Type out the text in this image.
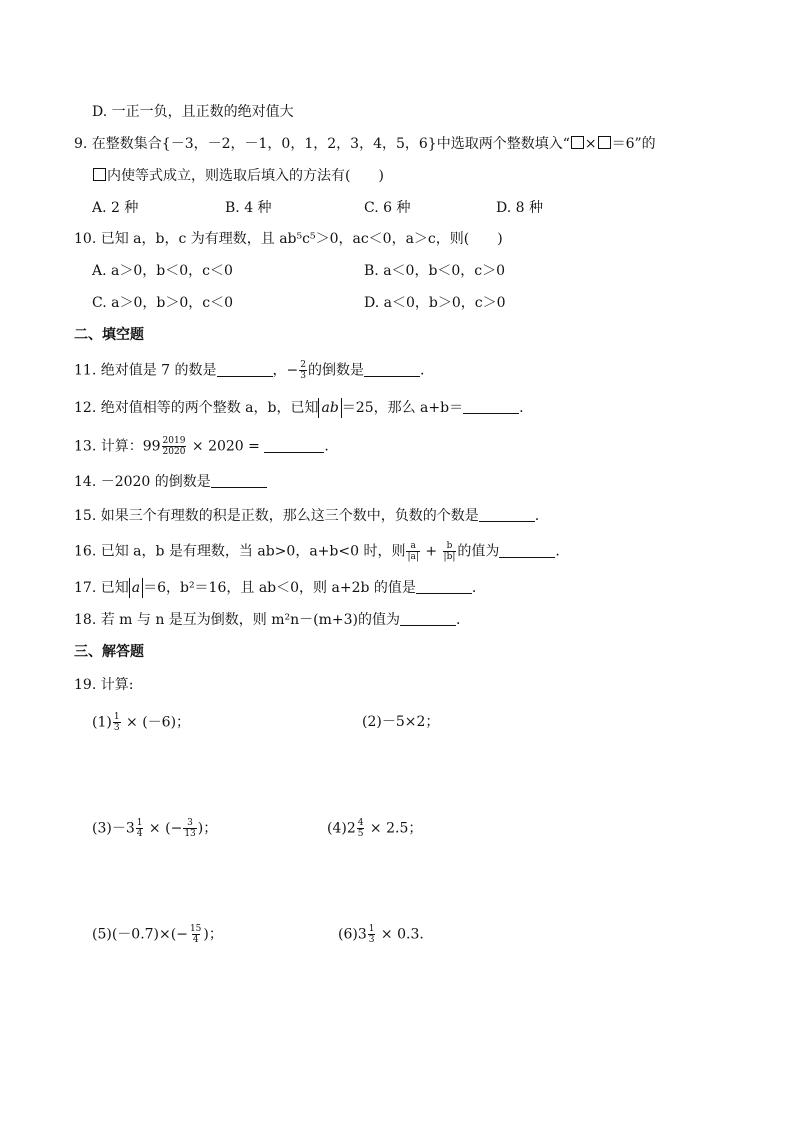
D. 一正一负，且正数的绝对值大
9. 在整数集合{－3，－2，－1，0，1，2，3，4，5，6}中选取两个整数填入“ × ＝6”的
内使等式成立，则选取后填入的方法有(　　)
A. 2 种	B. 4 种	C. 6 种	D. 8 种
10. 已知 a，b，c 为有理数，且 ab⁵c⁵＞0，ac＜0，a＞c，则(　　)
A. a＞0，b＜0，c＜0	B. a＜0，b＜0，c＞0
C. a＞0，b＞0，c＜0	D. a＜0，b＞0，c＞0
二、填空题
11. 绝对值是 7 的数是	，− $\frac{2}{3}$ 的倒数是	.
12. 绝对值相等的两个整数 a，b，已知 ab ＝25，那么 a+b＝	.
13. 计算：$99 \frac{2019}{2020} \times 2020$ =	.
14. －2020 的倒数是
15. 如果三个有理数的积是正数，那么这三个数中，负数的个数是	.
16. 已知 a，b 是有理数，当 ab>0，a+b<0 时，则 $\frac{a}{|a|} + \frac{b}{|b|}$ 的值为	.
17. 已知 a ＝6，b²＝16，且 ab＜0，则 a+2b 的值是	.
18. 若 m 与 n 是互为倒数，则 m²n－(m+3)的值为	.
三、解答题
19. 计算:
$(1) \frac{1}{3} \times (-6)$；	(2)－5×2；
$(3)-3 \frac{1}{4}$ × (− $\frac{3}{13}$ )；	$(4)2 \frac{4}{5} \times 2.5$；
$(5)(-0.7)\times(- \frac{15}{4}$ )；	$(6)3 \frac{1}{3} \times 0.3$.
